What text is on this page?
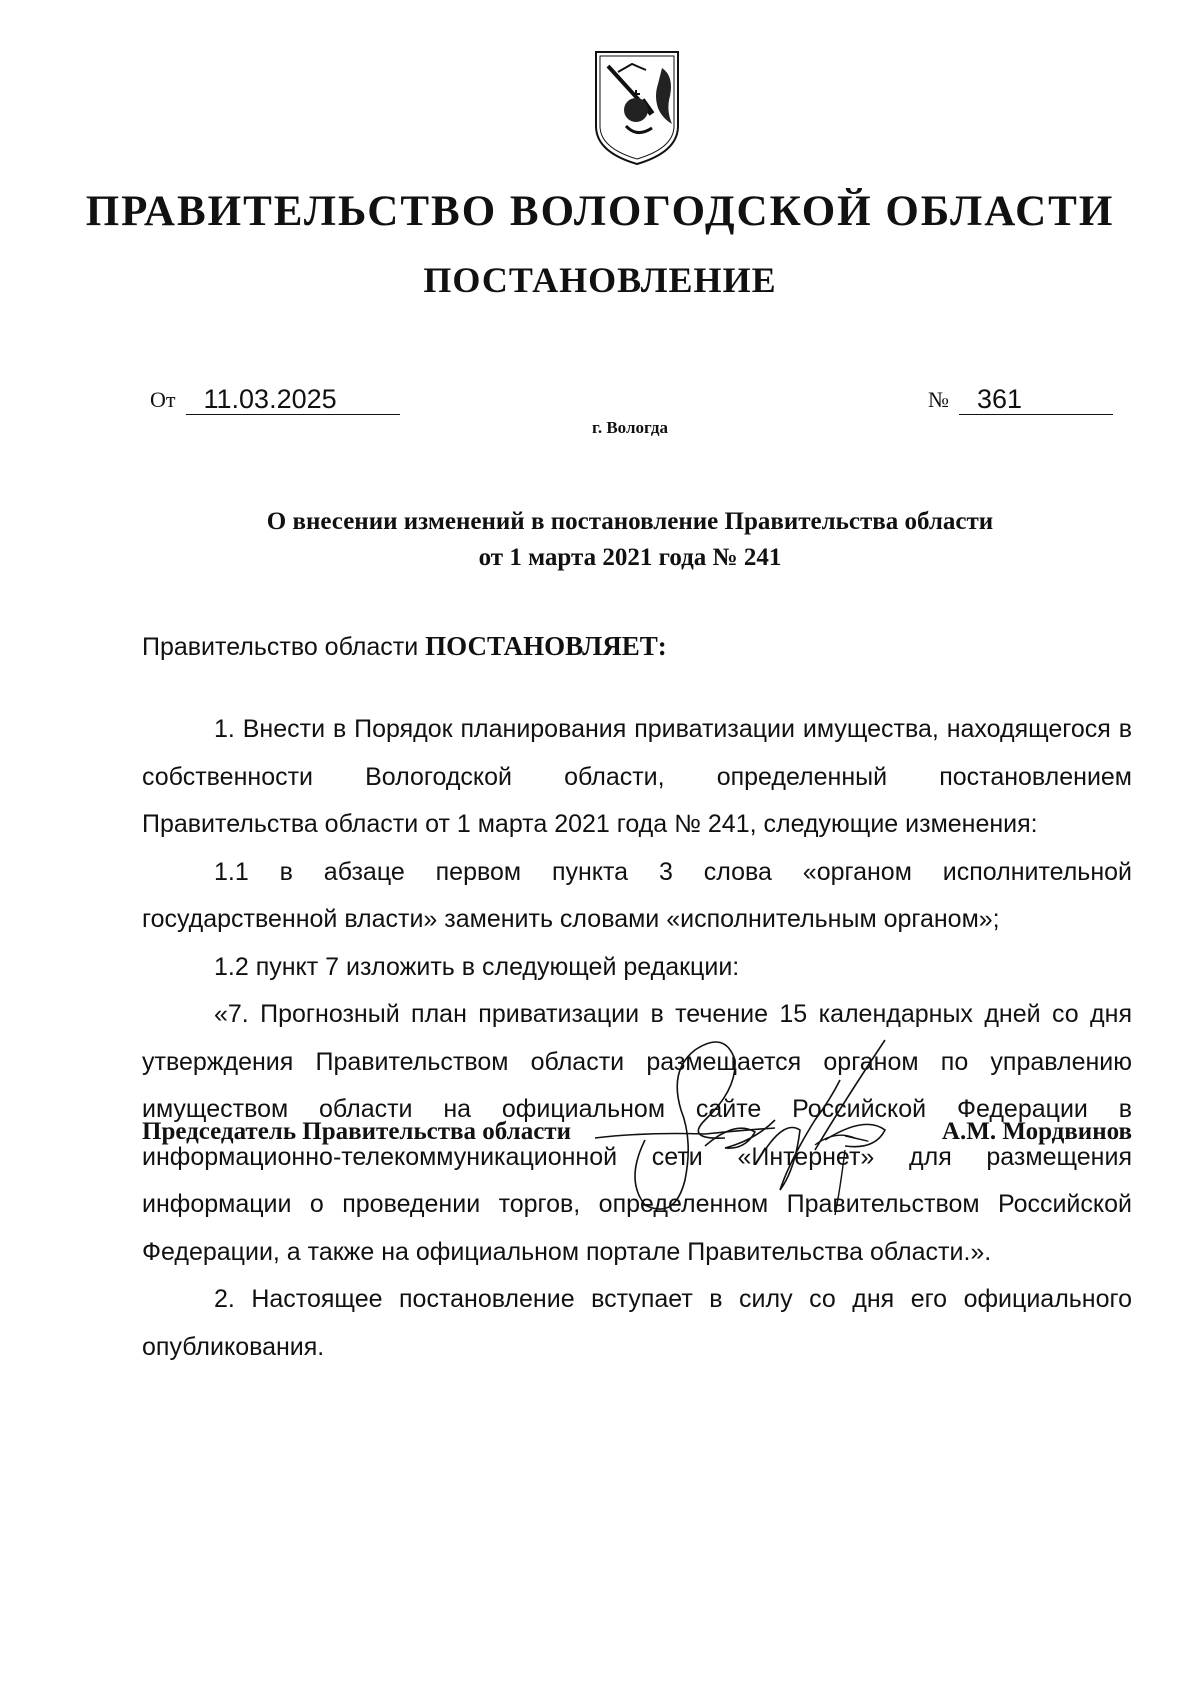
ПРАВИТЕЛЬСТВО ВОЛОГОДСКОЙ ОБЛАСТИ
ПОСТАНОВЛЕНИЕ
От 11.03.2025	№ 361
г. Вологда
О внесении изменений в постановление Правительства области
от 1 марта 2021 года № 241
Правительство области ПОСТАНОВЛЯЕТ:

1. Внести в Порядок планирования приватизации имущества, находящегося в собственности Вологодской области, определенный постановлением Правительства области от 1 марта 2021 года № 241, следующие изменения:

1.1 в абзаце первом пункта 3 слова «органом исполнительной государственной власти» заменить словами «исполнительным органом»;

1.2 пункт 7 изложить в следующей редакции:

«7. Прогнозный план приватизации в течение 15 календарных дней со дня утверждения Правительством области размещается органом по управлению имуществом области на официальном сайте Российской Федерации в информационно-телекоммуникационной сети «Интернет» для размещения информации о проведении торгов, определенном Правительством Российской Федерации, а также на официальном портале Правительства области.».

2. Настоящее постановление вступает в силу со дня его официального опубликования.

Председатель Правительства области	А.М. Мордвинов
